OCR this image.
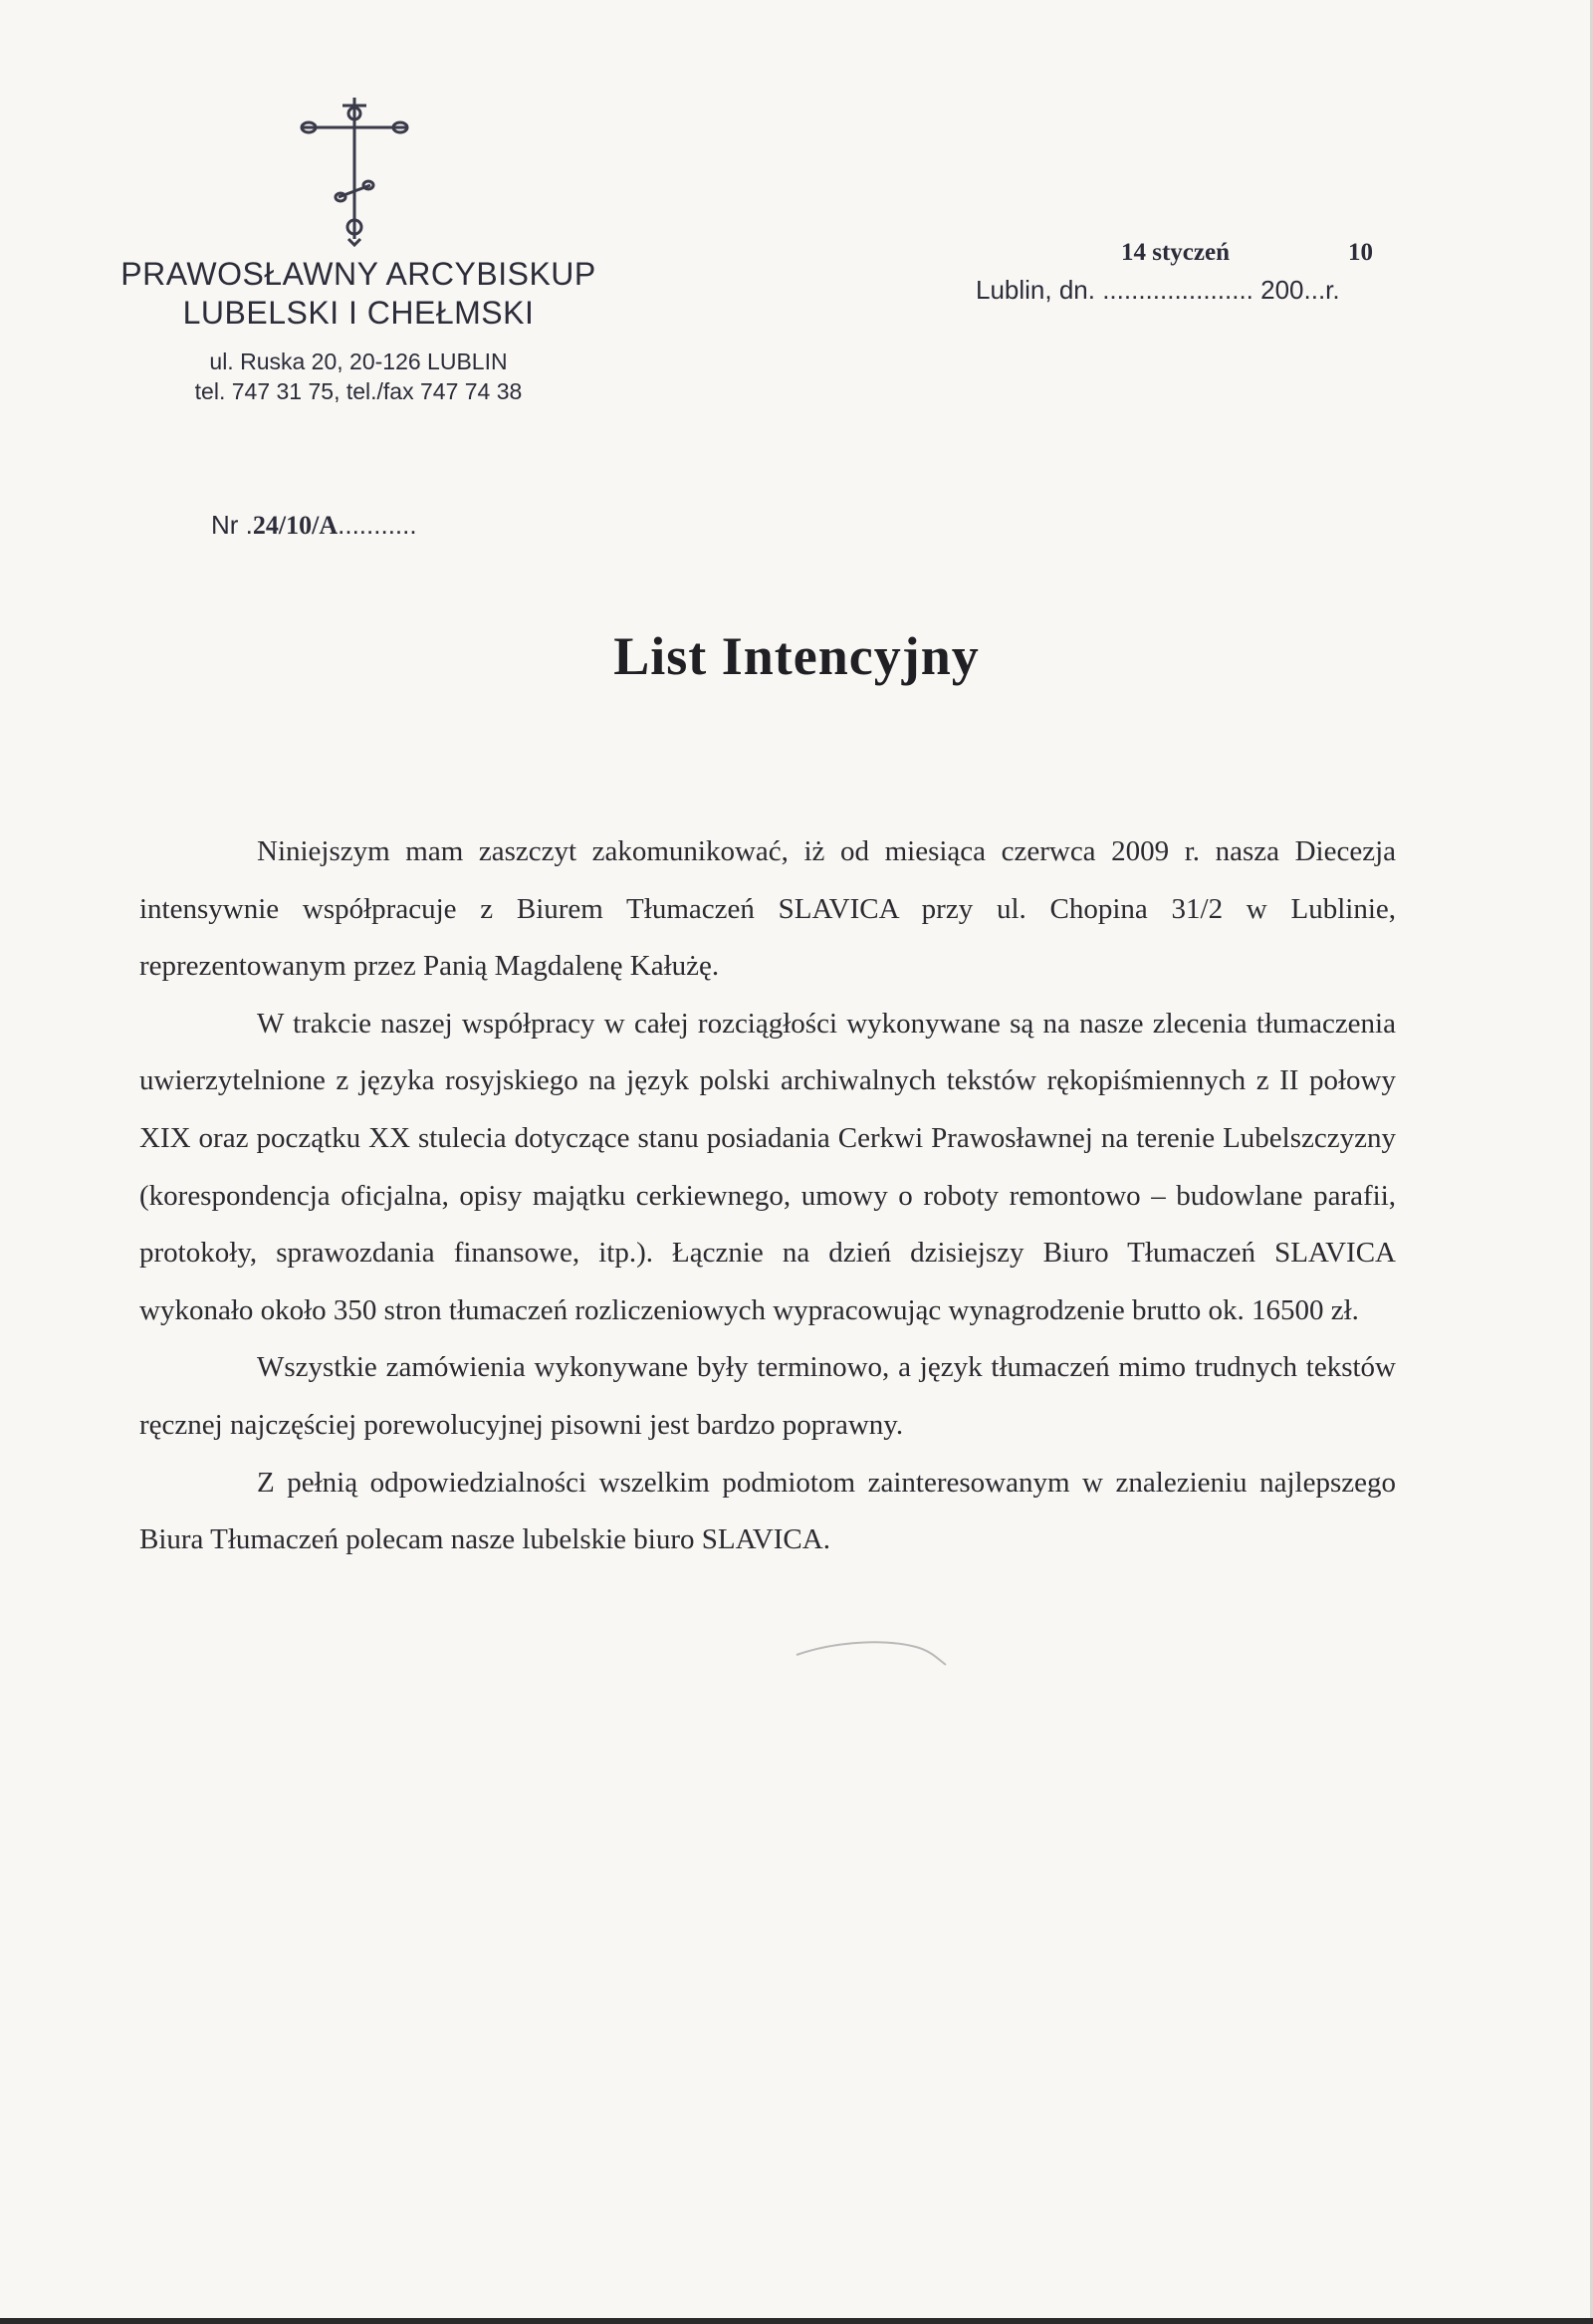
PRAWOSŁAWNY ARCYBISKUP
LUBELSKI I CHEŁMSKI
ul. Ruska 20, 20-126 LUBLIN
tel. 747 31 75, tel./fax 747 74 38
14 styczeń	10
Lublin, dn. ..................... 200...r.
Nr .24/10/A...........
List Intencyjny

Niniejszym mam zaszczyt zakomunikować, iż od miesiąca czerwca 2009 r. nasza Diecezja intensywnie współpracuje z Biurem Tłumaczeń SLAVICA przy ul. Chopina 31/2 w Lublinie, reprezentowanym przez Panią Magdalenę Kałużę.

W trakcie naszej współpracy w całej rozciągłości wykonywane są na nasze zlecenia tłumaczenia uwierzytelnione z języka rosyjskiego na język polski archiwalnych tekstów rękopiśmiennych z II połowy XIX oraz początku XX stulecia dotyczące stanu posiadania Cerkwi Prawosławnej na terenie Lubelszczyzny (korespondencja oficjalna, opisy majątku cerkiewnego, umowy o roboty remontowo – budowlane parafii, protokoły, sprawozdania finansowe, itp.). Łącznie na dzień dzisiejszy Biuro Tłumaczeń SLAVICA wykonało około 350 stron tłumaczeń rozliczeniowych wypracowując wynagrodzenie brutto ok. 16500 zł.

Wszystkie zamówienia wykonywane były terminowo, a język tłumaczeń mimo trudnych tekstów ręcznej najczęściej porewolucyjnej pisowni jest bardzo poprawny.

Z pełnią odpowiedzialności wszelkim podmiotom zainteresowanym w znalezieniu najlepszego Biura Tłumaczeń polecam nasze lubelskie biuro SLAVICA.
